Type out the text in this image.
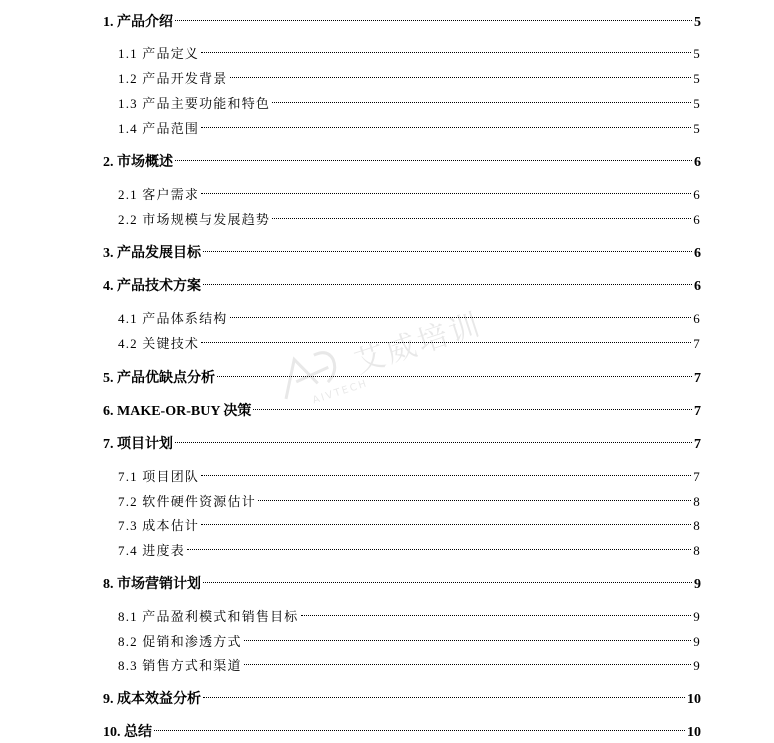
1. 产品介绍	5
1.1 产品定义	5
1.2 产品开发背景	5
1.3 产品主要功能和特色	5
1.4 产品范围	5
2. 市场概述	6
2.1 客户需求	6
2.2 市场规模与发展趋势	6
3. 产品发展目标	6
4. 产品技术方案	6
4.1 产品体系结构	6
4.2 关键技术	7
5. 产品优缺点分析	7
6. MAKE-OR-BUY 决策	7
7. 项目计划	7
7.1 项目团队	7
7.2 软件硬件资源估计	8
7.3 成本估计	8
7.4 进度表	8
8. 市场营销计划	9
8.1 产品盈利模式和销售目标	9
8.2 促销和渗透方式	9
8.3 销售方式和渠道	9
9. 成本效益分析	10
10. 总结	10
艾威培训
AIVTECH
